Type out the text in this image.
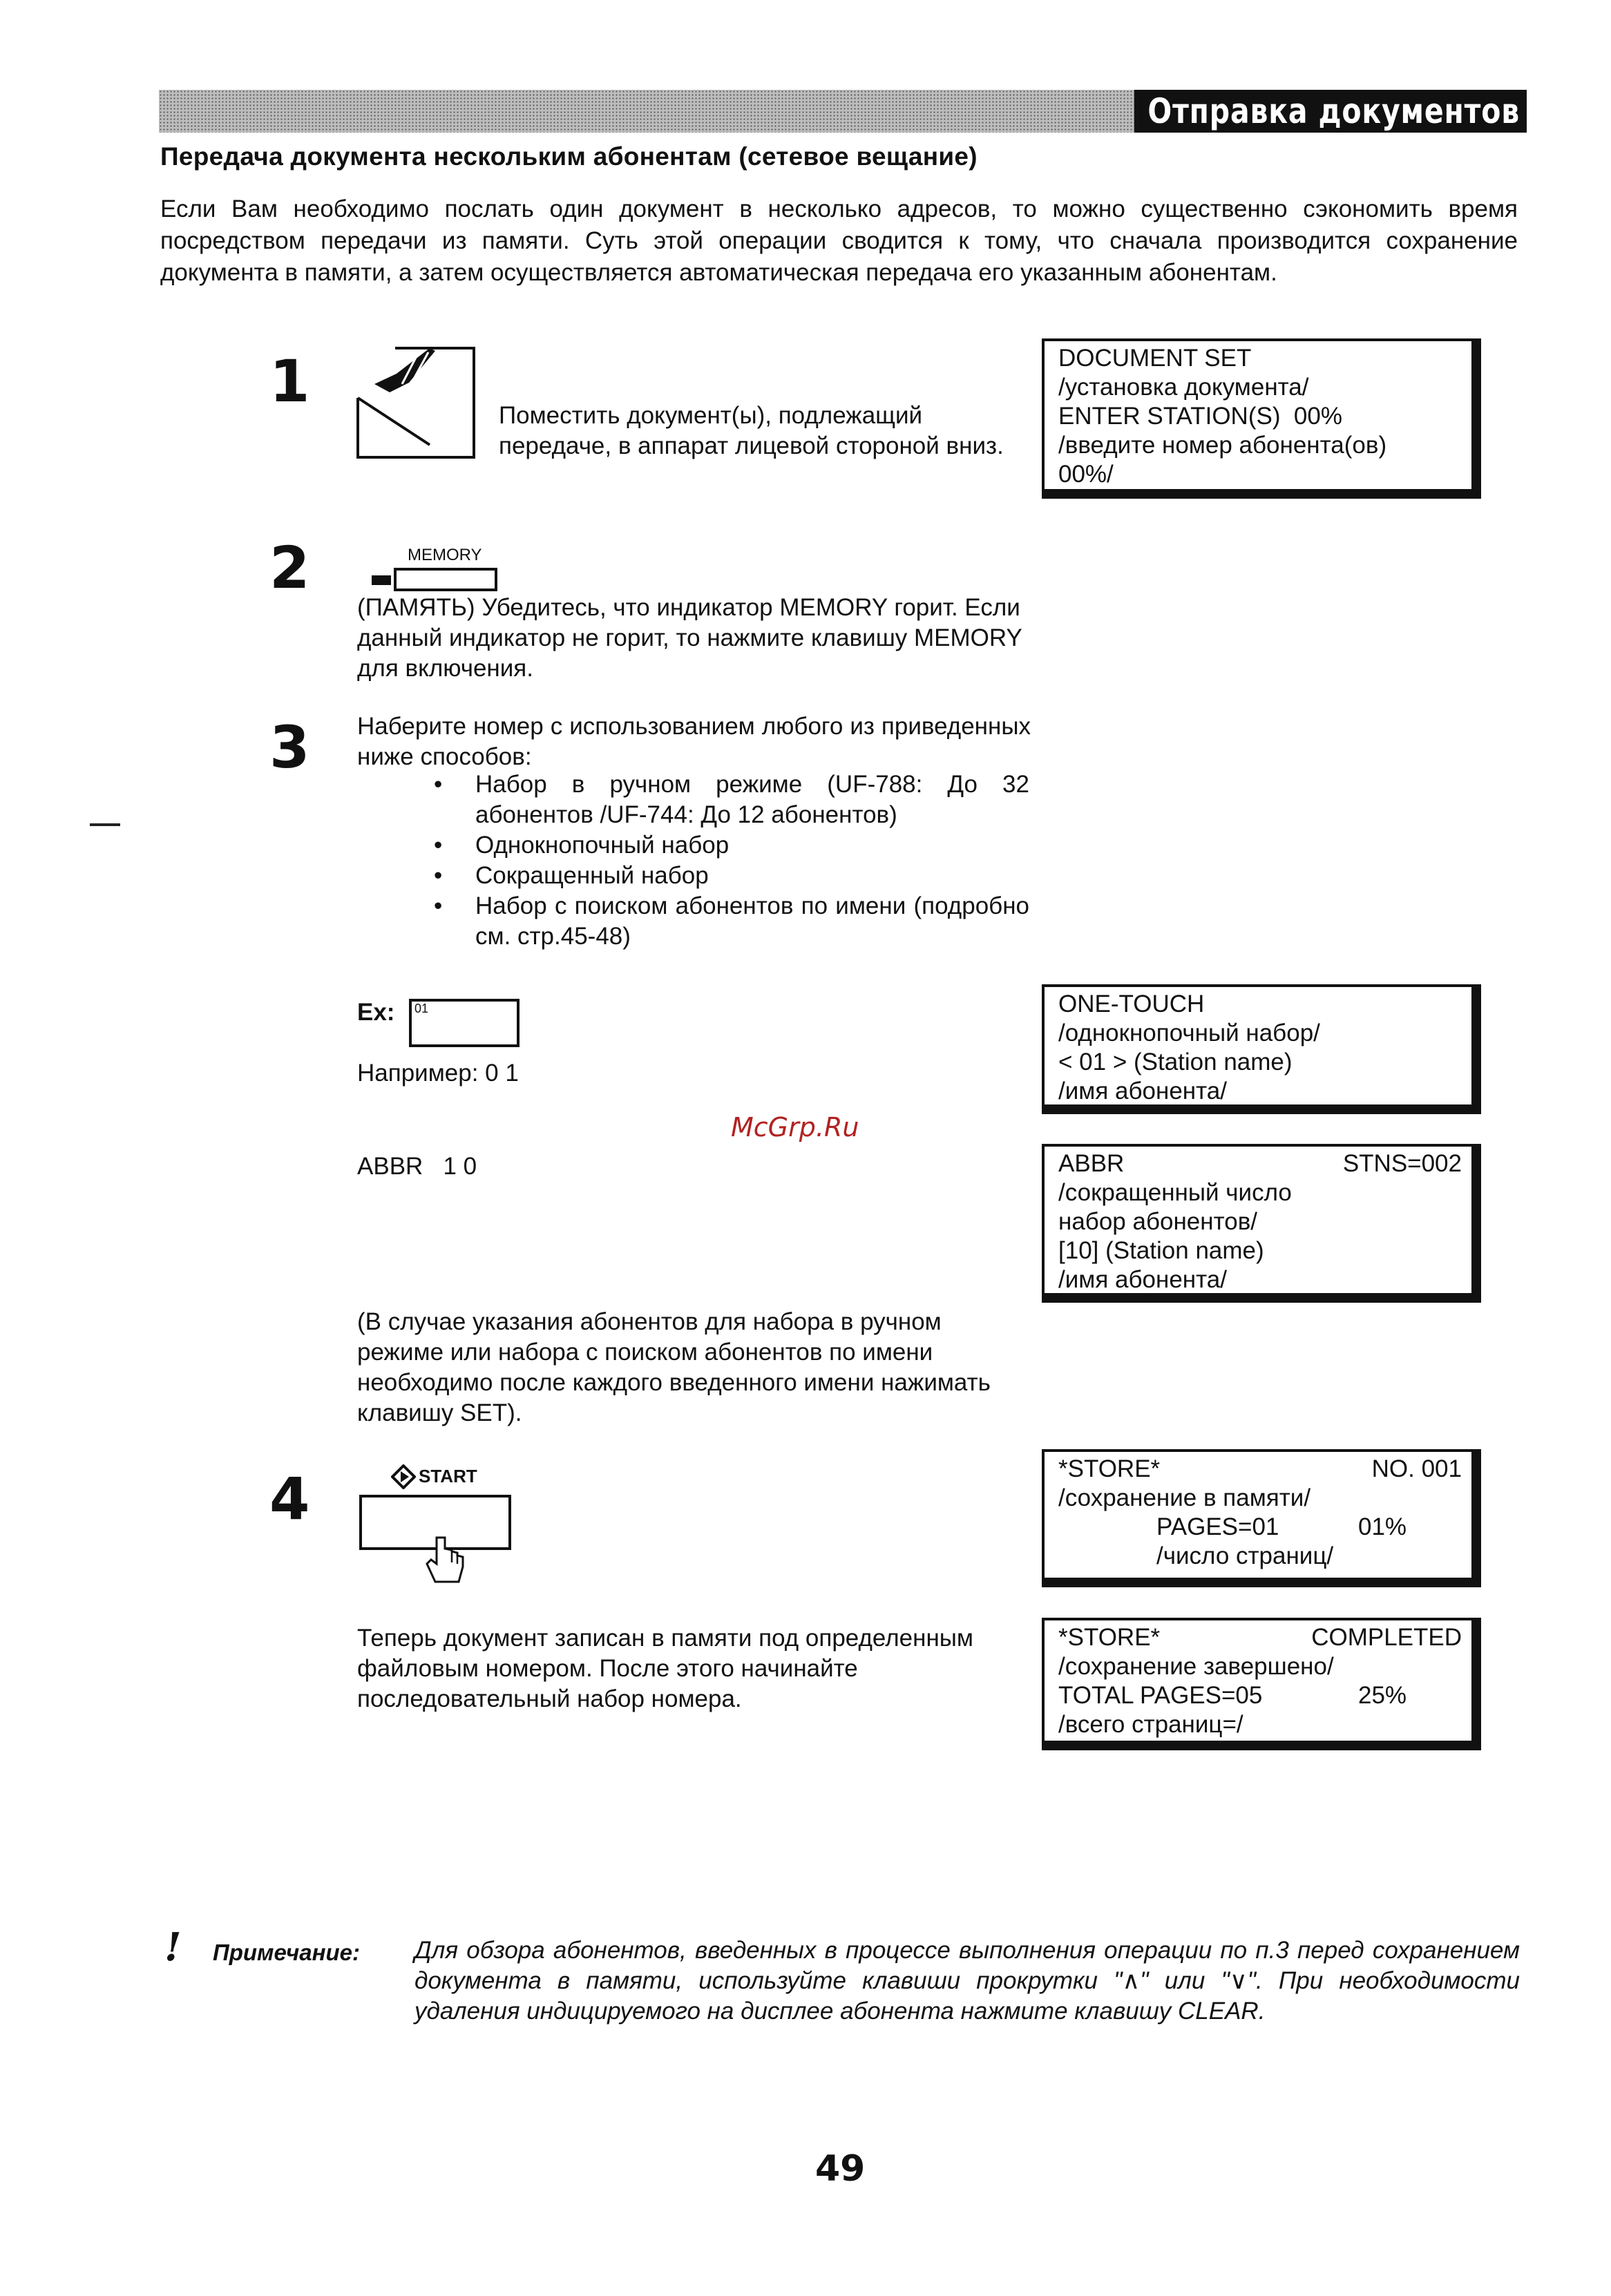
Отправка документов
Передача документа нескольким абонентам (сетевое вещание)
Если Вам необходимо послать один документ в несколько адресов, то можно существенно сэкономить время посредством передачи из памяти. Суть этой операции сводится к тому, что сначала производится сохранение документа в памяти, а затем осуществляется автоматическая передача его указанным абонентам.
1
Поместить документ(ы), подлежащий передаче, в аппарат лицевой стороной вниз.
DOCUMENT SET
/установка документа/
ENTER STATION(S)  00%
/введите номер абонента(ов)
00%/
2	MEMORY
(ПАМЯТЬ) Убедитесь, что индикатор MEMORY горит. Если данный индикатор не горит, то нажмите клавишу MEMORY для включения.
3 Наберите номер с использованием любого из приведенных ниже способов:
• Набор в ручном режиме (UF-788: До 32 абонентов /UF-744: До 12 абонентов)
• Однокнопочный набор
• Сокращенный набор
• Набор с поиском абонентов по имени (подробно см. стр.45-48)
Ex: 01
Например: 0 1
ONE-TOUCH
/однокнопочный набор/
< 01 > (Station name)
/имя абонента/
McGrp.Ru
ABBR   1 0	ABBR	STNS=002
/сокращенный число
набор абонентов/
[10] (Station name)
/имя абонента/
(В случае указания абонентов для набора в ручном режиме или набора с поиском абонентов по имени необходимо после каждого введенного имени нажимать клавишу SET).
4	START	*STORE*	NO. 001
/сохранение в памяти/
PAGES=01	01%
/число страниц/
Теперь документ записан в памяти под определенным файловым номером. После этого начинайте последовательный набор номера.
*STORE*	COMPLETED
/сохранение завершено/
TOTAL PAGES=05	25%
/всего страниц=/
! Примечание: Для обзора абонентов, введенных в процессе выполнения операции по п.3 перед сохранением документа в памяти, используйте клавиши прокрутки "∧" или "∨". При необходимости удаления индицируемого на дисплее абонента нажмите клавишу CLEAR.
49
